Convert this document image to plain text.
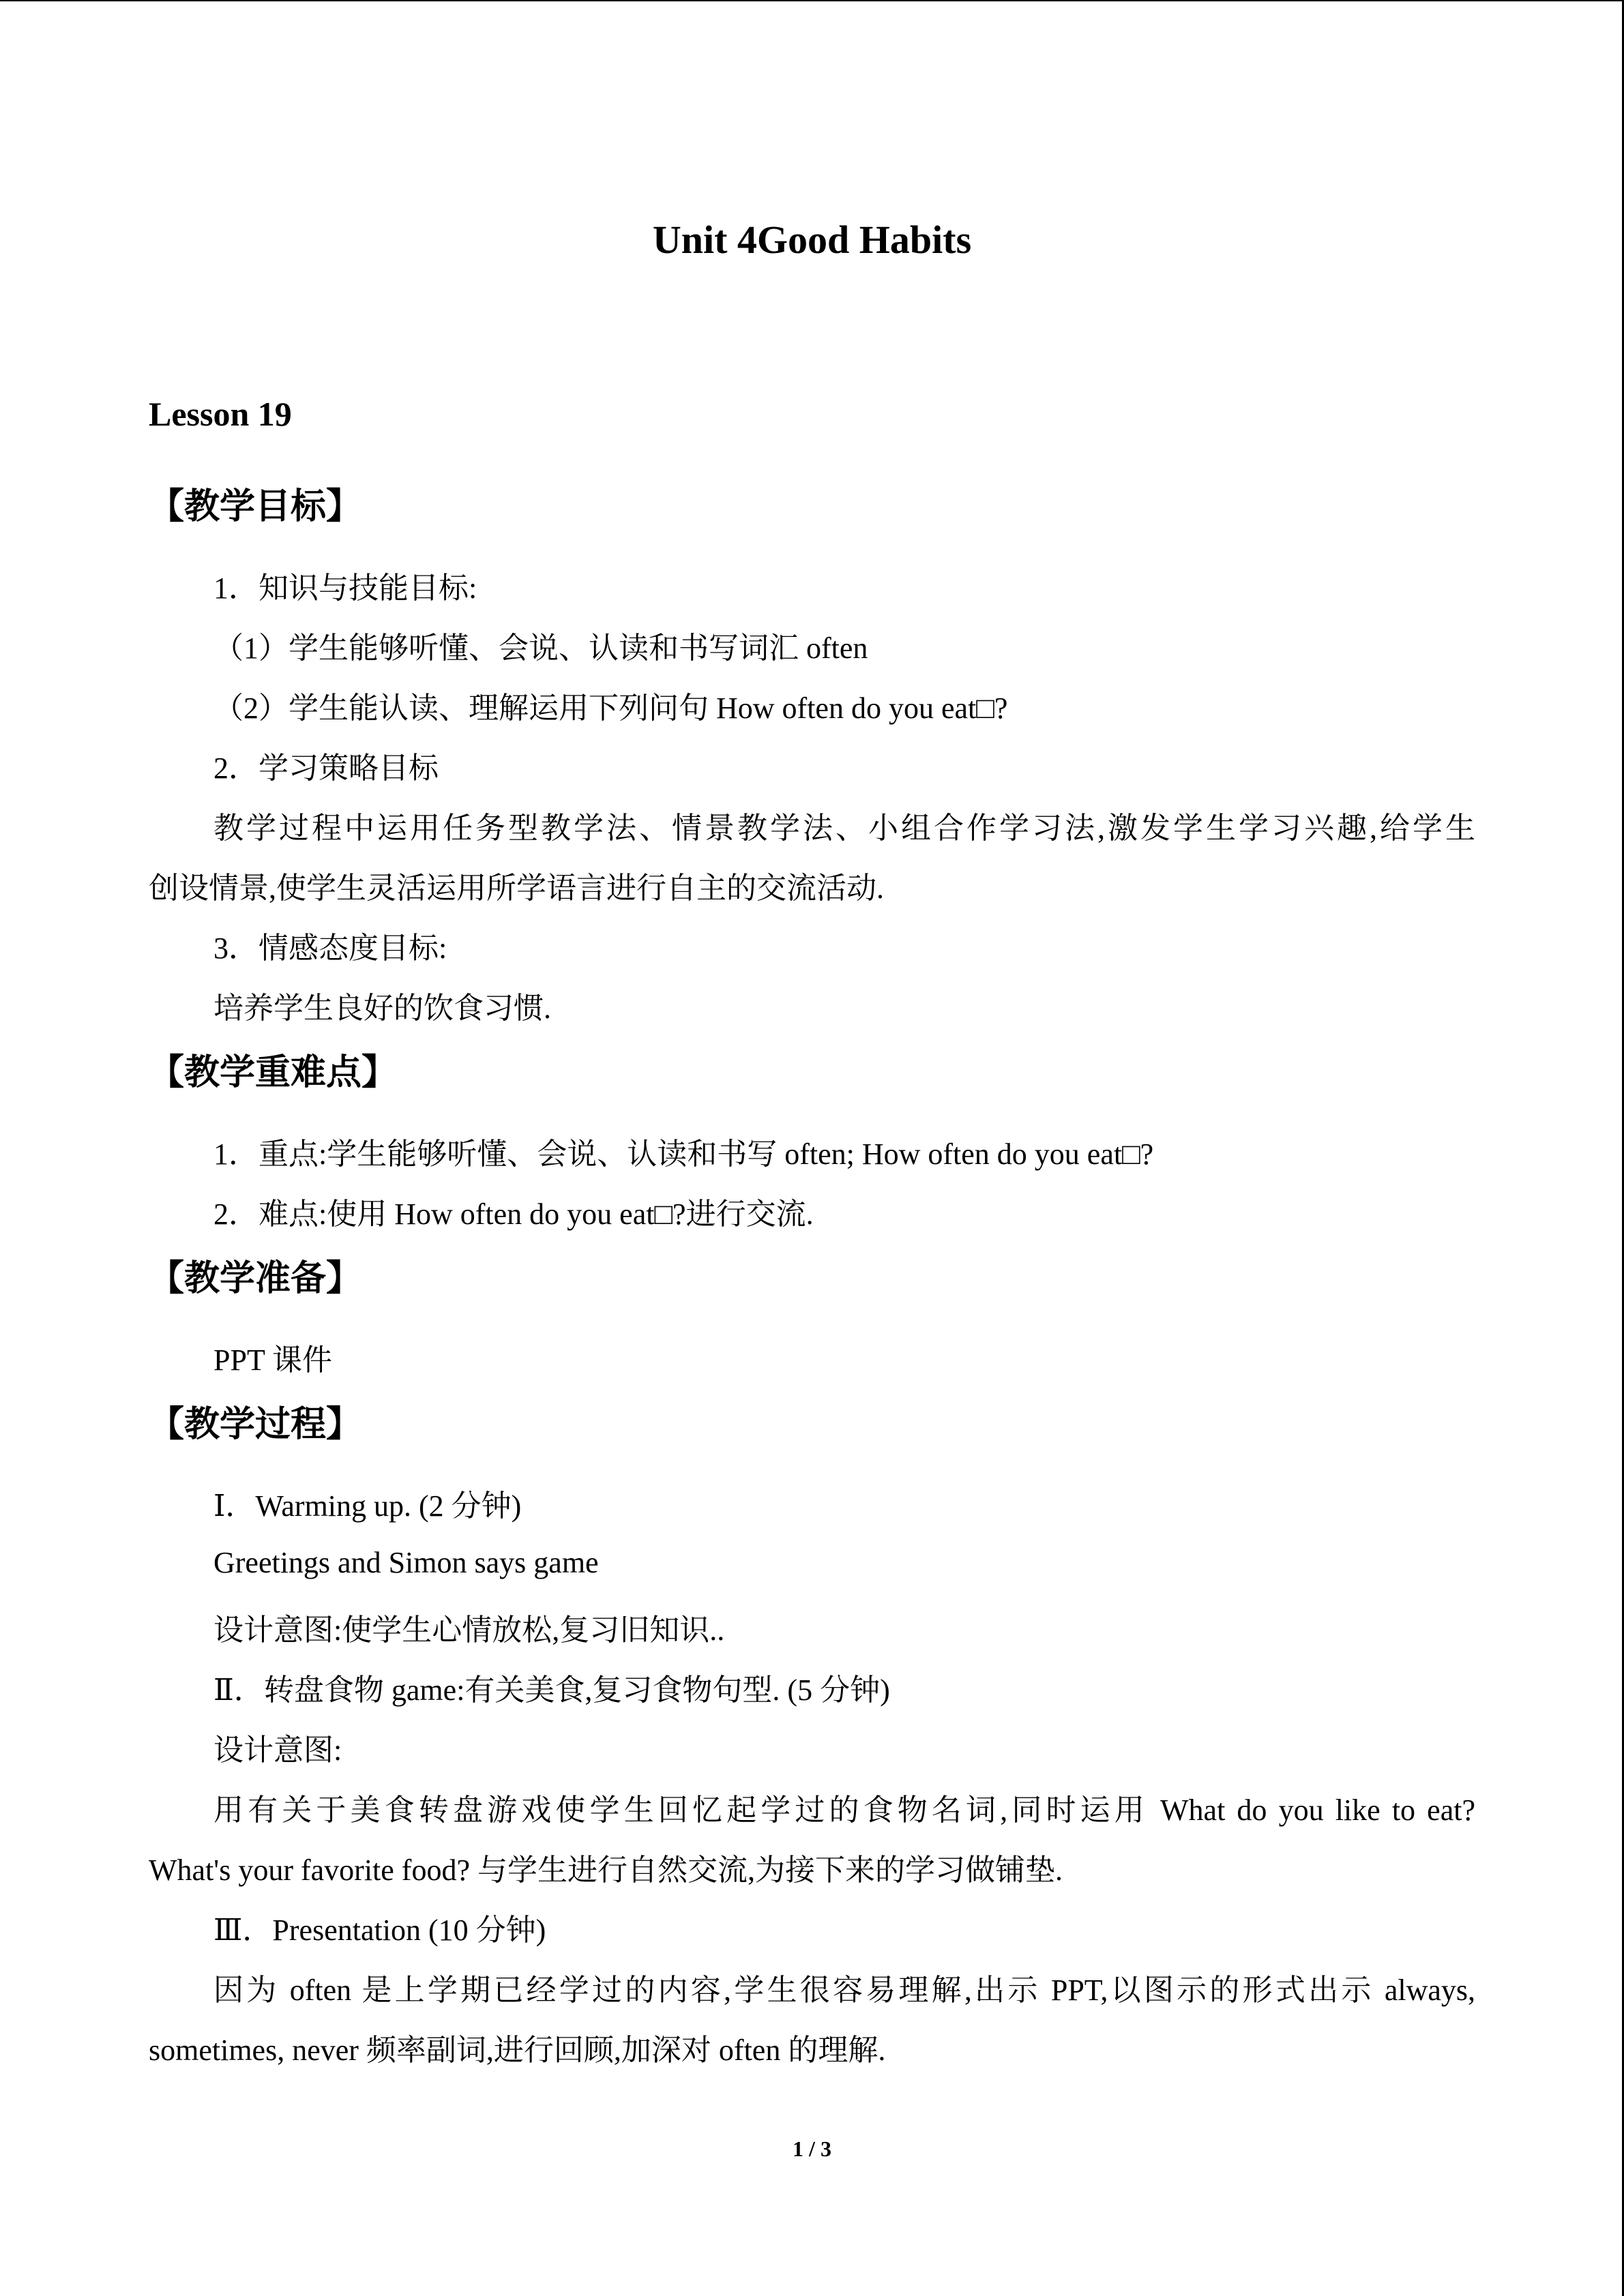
Unit 4Good Habits
Lesson 19
【教学目标】
1．知识与技能目标:
（1）学生能够听懂、会说、认读和书写词汇 often
（2）学生能认读、理解运用下列问句 How often do you eat□?
2．学习策略目标
教学过程中运用任务型教学法、情景教学法、小组合作学习法,激发学生学习兴趣,给学生
创设情景,使学生灵活运用所学语言进行自主的交流活动.
3．情感态度目标:
培养学生良好的饮食习惯.
【教学重难点】
1．重点:学生能够听懂、会说、认读和书写 often; How often do you eat□?
2．难点:使用 How often do you eat□?进行交流.
【教学准备】
PPT 课件
【教学过程】
Ⅰ．Warming up. (2 分钟)
Greetings and Simon says game
设计意图:使学生心情放松,复习旧知识..
Ⅱ．转盘食物 game:有关美食,复习食物句型. (5 分钟)
设计意图:
用有关于美食转盘游戏使学生回忆起学过的食物名词,同时运用 What do you like to eat?
What's your favorite food? 与学生进行自然交流,为接下来的学习做铺垫.
Ⅲ．Presentation (10 分钟)
因为 often 是上学期已经学过的内容,学生很容易理解,出示 PPT,以图示的形式出示 always,
sometimes, never 频率副词,进行回顾,加深对 often 的理解.
1 / 3
